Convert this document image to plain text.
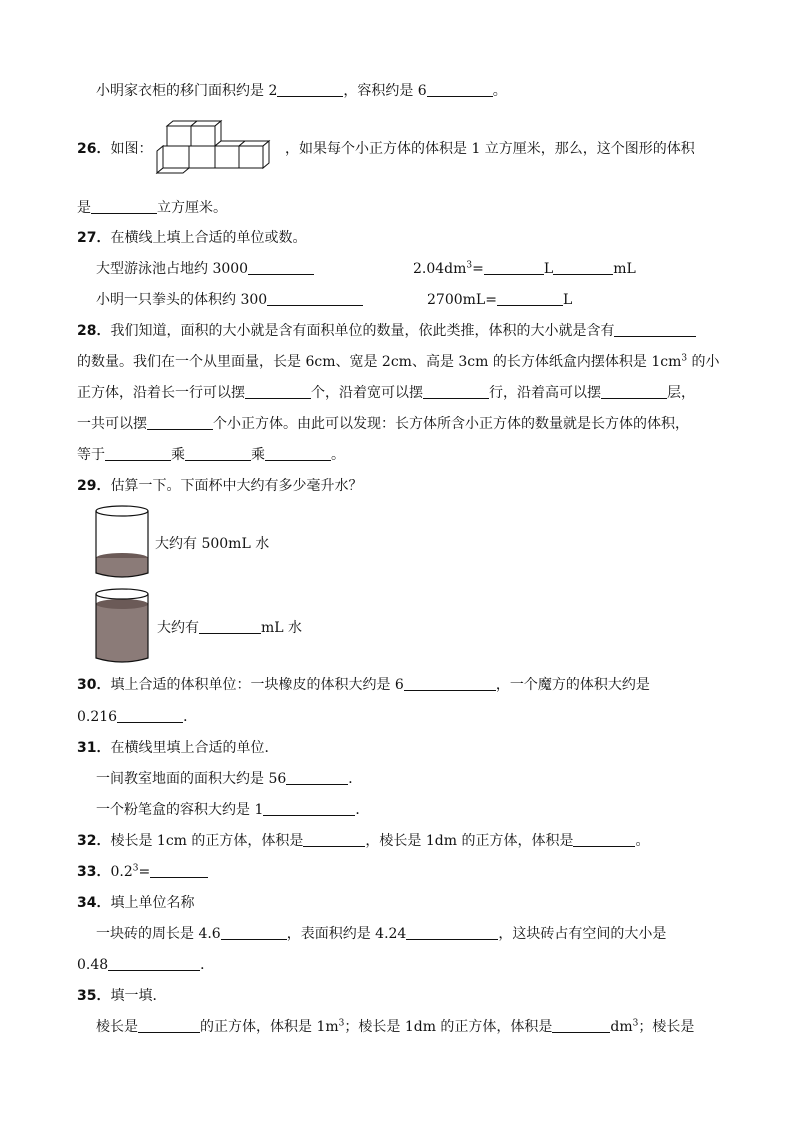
小明家衣柜的移门面积约是 2	，容积约是 6	。
26．如图：	，如果每个小正方体的体积是 1 立方厘米，那么，这个图形的体积
是	立方厘米。
27．在横线上填上合适的单位或数。
大型游泳池占地约 3000	$2.04dm^3=$	L	mL
小明一只拳头的体积约 300	2700mL=	L
28．我们知道，面积的大小就是含有面积单位的数量，依此类推，体积的大小就是含有
的数量。我们在一个从里面量，长是 6cm、宽是 2cm、高是 3cm 的长方体纸盒内摆体积是 $1cm^3$ 的小
正方体，沿着长一行可以摆	个，沿着宽可以摆	行，沿着高可以摆	层，
一共可以摆	个小正方体。由此可以发现：长方体所含小正方体的数量就是长方体的体积，
等于	乘	乘	。
29．估算一下。下面杯中大约有多少毫升水？
大约有 500mL 水
大约有	mL 水
30．填上合适的体积单位：一块橡皮的体积大约是 6	，一个魔方的体积大约是
0.216	．
31．在横线里填上合适的单位．
一间教室地面的面积大约是 56	．
一个粉笔盒的容积大约是 1	．
32．棱长是 1cm 的正方体，体积是	，棱长是 1dm 的正方体，体积是	。
33．$0.2^3=$
34．填上单位名称
一块砖的周长是 4.6	，表面积约是 4.24	，这块砖占有空间的大小是
0.48	．
35．填一填．
棱长是	的正方体，体积是 $1m^3$；棱长是 1dm 的正方体，体积是	$dm^3$；棱长是
